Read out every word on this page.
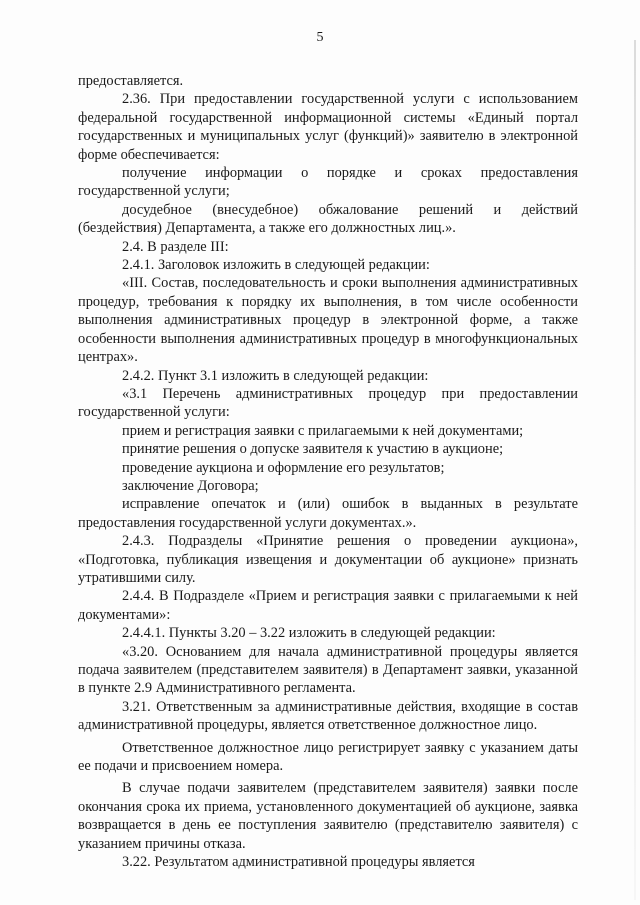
5

предоставляется.

2.36. При предоставлении государственной услуги с использованием федеральной государственной информационной системы «Единый портал государственных и муниципальных услуг (функций)» заявителю в электронной форме обеспечивается:

получение информации о порядке и сроках предоставления государственной услуги;

досудебное (внесудебное) обжалование решений и действий (бездействия) Департамента, а также его должностных лиц.».

2.4. В разделе III:

2.4.1. Заголовок изложить в следующей редакции:

«III. Состав, последовательность и сроки выполнения административных процедур, требования к порядку их выполнения, в том числе особенности выполнения административных процедур в электронной форме, а также особенности выполнения административных процедур в многофункциональных центрах».

2.4.2. Пункт 3.1 изложить в следующей редакции:

«3.1 Перечень административных процедур при предоставлении государственной услуги:

прием и регистрация заявки с прилагаемыми к ней документами;

принятие решения о допуске заявителя к участию в аукционе;

проведение аукциона и оформление его результатов;

заключение Договора;

исправление опечаток и (или) ошибок в выданных в результате предоставления государственной услуги документах.».

2.4.3. Подразделы «Принятие решения о проведении аукциона», «Подготовка, публикация извещения и документации об аукционе» признать утратившими силу.

2.4.4. В Подразделе «Прием и регистрация заявки с прилагаемыми к ней документами»:

2.4.4.1. Пункты 3.20 – 3.22 изложить в следующей редакции:

«3.20. Основанием для начала административной процедуры является подача заявителем (представителем заявителя) в Департамент заявки, указанной в пункте 2.9 Административного регламента.

3.21. Ответственным за административные действия, входящие в состав административной процедуры, является ответственное должностное лицо.

Ответственное должностное лицо регистрирует заявку с указанием даты ее подачи и присвоением номера.

В случае подачи заявителем (представителем заявителя) заявки после окончания срока их приема, установленного документацией об аукционе, заявка возвращается в день ее поступления заявителю (представителю заявителя) с указанием причины отказа.

3.22. Результатом административной процедуры является
